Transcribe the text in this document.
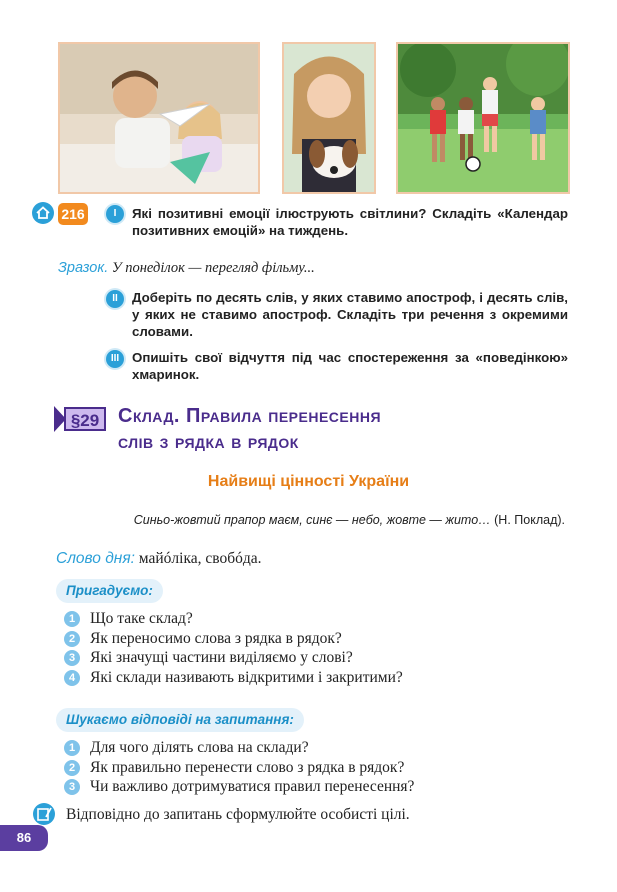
216	I	Які позитивні емоції ілюструють світлини? Складіть «Календар позитивних емоцій» на тиждень.
Зразок. У понеділок — перегляд фільму...
II	Доберіть по десять слів, у яких ставимо апостроф, і десять слів, у яких не ставимо апостроф. Складіть три речення з окремими словами.
III Опишіть свої відчуття під час спостереження за «поведінкою» хмаринок.
§29 Склад. Правила перенесення
слів з рядка в рядок
Найвищі цінності України
Синьо-жовтий прапор маєм, синє — небо, жовте — жито… (Н. Поклад).
Слово дня: майóліка, свобóда.
Пригадуємо:
1 Що таке склад?
2 Як переносимо слова з рядка в рядок?
3 Які значущі частини виділяємо у слові?
4 Які склади називають відкритими і закритими?
Шукаємо відповіді на запитання:
1 Для чого ділять слова на склади?
2 Як правильно перенести слово з рядка в рядок?
3 Чи важливо дотримуватися правил перенесення?
Відповідно до запитань сформулюйте особисті цілі.
86
